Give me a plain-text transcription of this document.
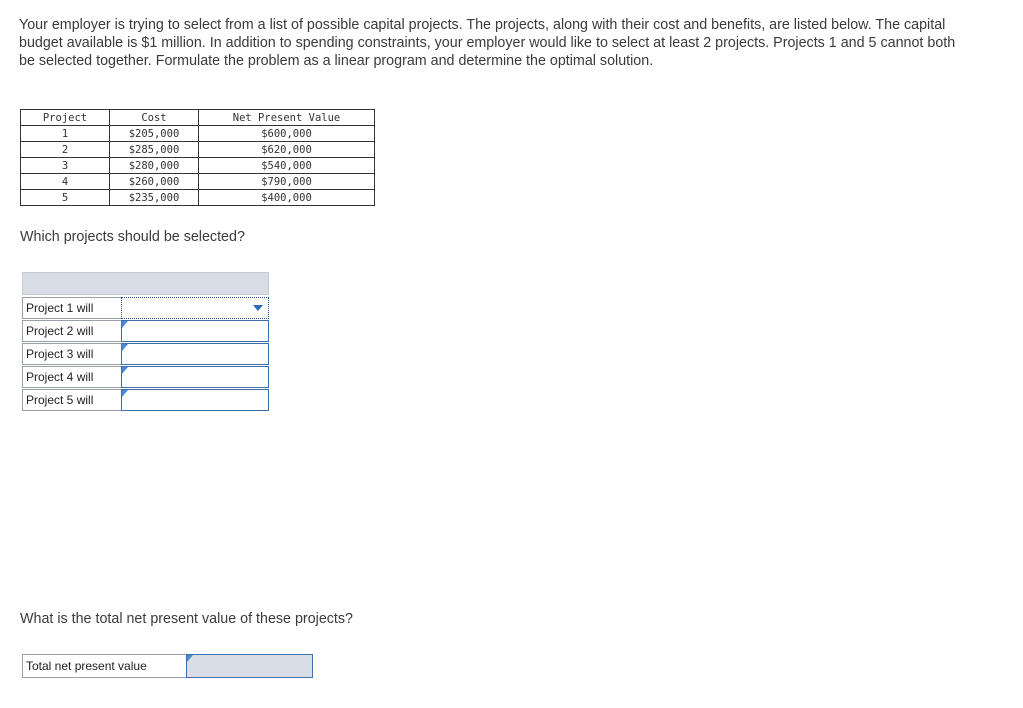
Your employer is trying to select from a list of possible capital projects. The projects, along with their cost and benefits, are listed below. The capital budget available is $1 million. In addition to spending constraints, your employer would like to select at least 2 projects. Projects 1 and 5 cannot both be selected together. Formulate the problem as a linear program and determine the optimal solution.
Project	Cost	Net Present Value
1	$205,000	$600,000
2	$285,000	$620,000
3	$280,000	$540,000
4	$260,000	$790,000
5	$235,000	$400,000
Which projects should be selected?
Project 1 will
Project 2 will
Project 3 will
Project 4 will
Project 5 will
What is the total net present value of these projects?
Total net present value
